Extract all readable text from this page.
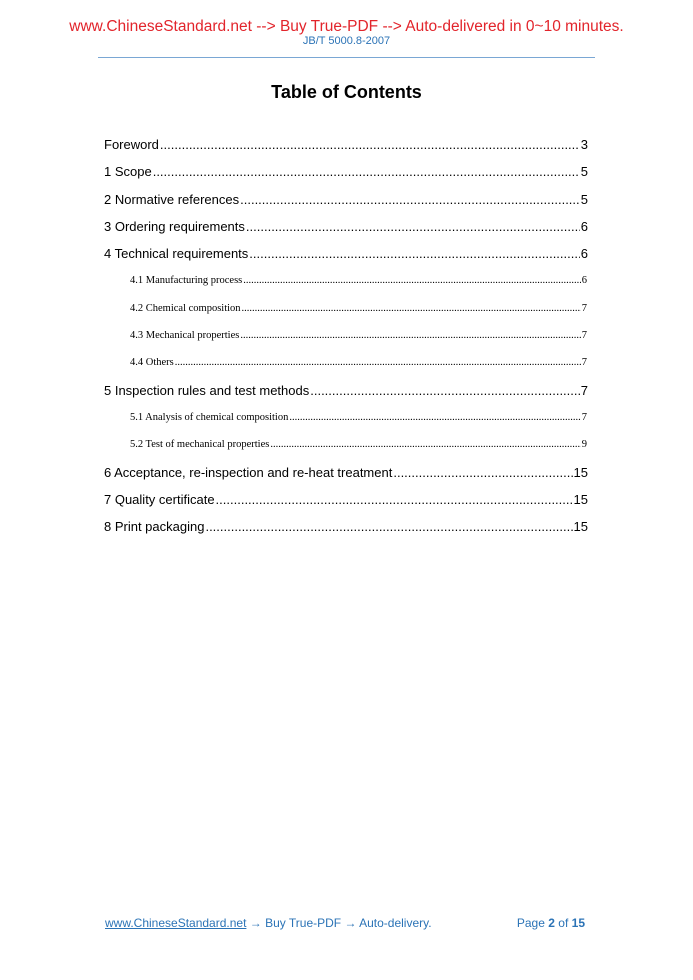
www.ChineseStandard.net --> Buy True-PDF --> Auto-delivered in 0~10 minutes.
JB/T 5000.8-2007
Table of Contents
Foreword .....	3
1 Scope .....	5
2 Normative references .....	5
3 Ordering requirements .....	6
4 Technical requirements .....	6
4.1 Manufacturing process .....	6
4.2 Chemical composition .....	7
4.3 Mechanical properties .....	7
4.4 Others .....	7
5 Inspection rules and test methods .....	7
5.1 Analysis of chemical composition .....	7
5.2 Test of mechanical properties .....	9
6 Acceptance, re-inspection and re-heat treatment .....	15
7 Quality certificate .....	15
8 Print packaging .....	15
www.ChineseStandard.net → Buy True-PDF → Auto-delivery.	Page 2 of 15
